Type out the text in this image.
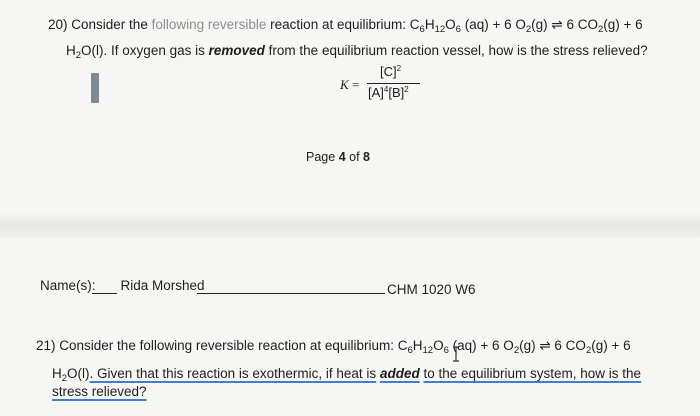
20) Consider the following reversible reaction at equilibrium: $C_6H_{12}O_6$ (aq) + 6 $O_2(g)$ ⇌ 6 $CO_2(g) + 6$
$H_2O(l)$. If oxygen gas is removed from the equilibrium reaction vessel, how is the stress relieved?
K =
$[C]^2$
$[A]^4[B]^2$
Page 4 of 8
Name(s): Rida Morshed	CHM 1020 W6
21) Consider the following reversible reaction at equilibrium: $C_6H_{12}O_6$ (aq) + 6 $O_2(g)$ ⇌ 6 $CO_2(g) + 6$
$H_2O(l)$. Given that this reaction is exothermic, if heat is added to the equilibrium system, how is the
stress relieved?
